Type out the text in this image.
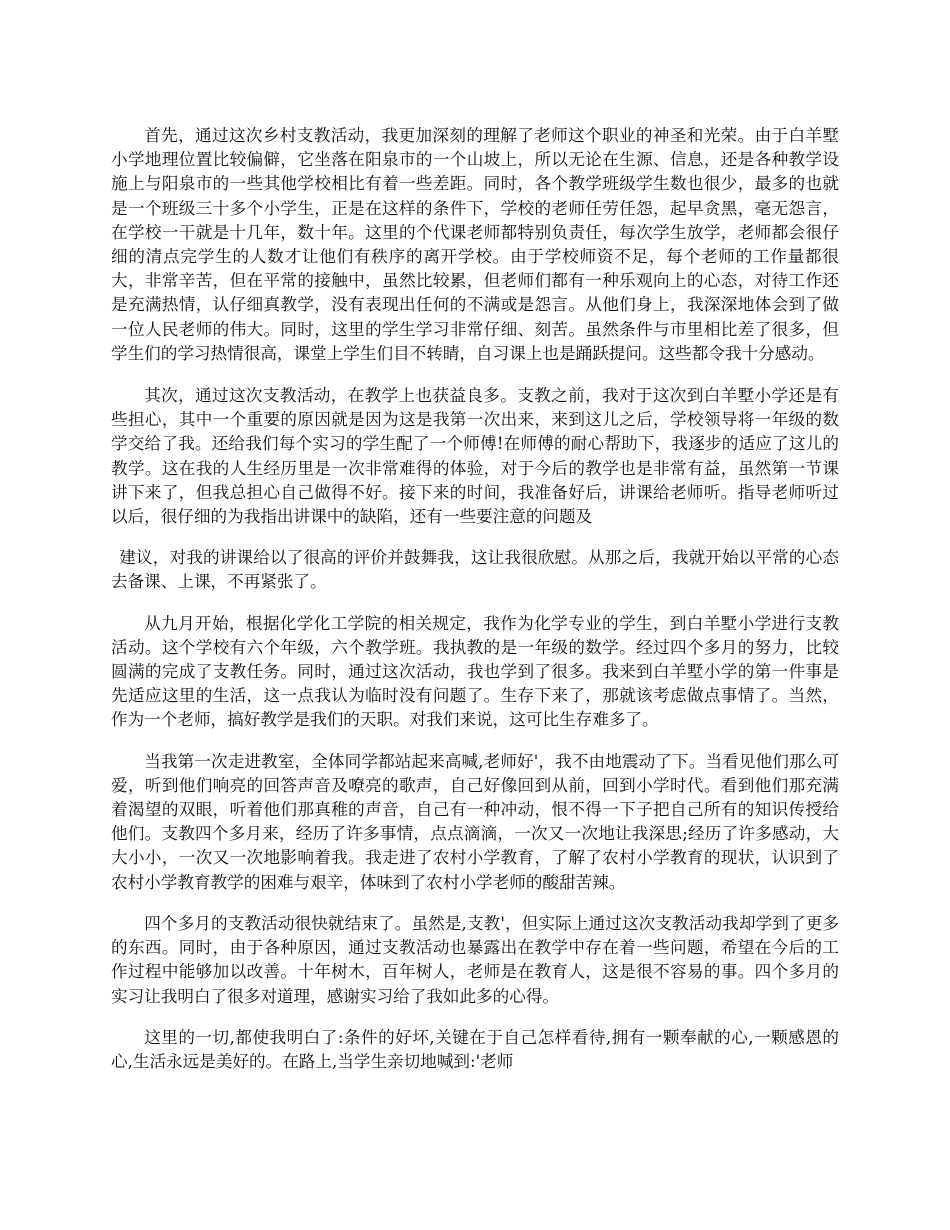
首先，通过这次乡村支教活动，我更加深刻的理解了老师这个职业的神圣和光荣。由于白羊墅小学地理位置比较偏僻，它坐落在阳泉市的一个山坡上，所以无论在生源、信息，还是各种教学设施上与阳泉市的一些其他学校相比有着一些差距。同时，各个教学班级学生数也很少，最多的也就是一个班级三十多个小学生，正是在这样的条件下，学校的老师任劳任怨，起早贪黑，毫无怨言，在学校一干就是十几年，数十年。这里的个代课老师都特别负责任，每次学生放学，老师都会很仔细的清点完学生的人数才让他们有秩序的离开学校。由于学校师资不足，每个老师的工作量都很大，非常辛苦，但在平常的接触中，虽然比较累，但老师们都有一种乐观向上的心态，对待工作还是充满热情，认仔细真教学，没有表现出任何的不满或是怨言。从他们身上，我深深地体会到了做一位人民老师的伟大。同时，这里的学生学习非常仔细、刻苦。虽然条件与市里相比差了很多，但学生们的学习热情很高，课堂上学生们目不转睛，自习课上也是踊跃提问。这些都令我十分感动。

其次，通过这次支教活动，在教学上也获益良多。支教之前，我对于这次到白羊墅小学还是有些担心，其中一个重要的原因就是因为这是我第一次出来，来到这儿之后，学校领导将一年级的数学交给了我。还给我们每个实习的学生配了一个师傅!在师傅的耐心帮助下，我逐步的适应了这儿的教学。这在我的人生经历里是一次非常难得的体验，对于今后的教学也是非常有益，虽然第一节课讲下来了，但我总担心自己做得不好。接下来的时间，我准备好后，讲课给老师听。指导老师听过以后，很仔细的为我指出讲课中的缺陷，还有一些要注意的问题及

建议，对我的讲课给以了很高的评价并鼓舞我，这让我很欣慰。从那之后，我就开始以平常的心态去备课、上课，不再紧张了。

从九月开始，根据化学化工学院的相关规定，我作为化学专业的学生，到白羊墅小学进行支教活动。这个学校有六个年级，六个教学班。我执教的是一年级的数学。经过四个多月的努力，比较圆满的完成了支教任务。同时，通过这次活动，我也学到了很多。我来到白羊墅小学的第一件事是先适应这里的生活，这一点我认为临时没有问题了。生存下来了，那就该考虑做点事情了。当然，作为一个老师，搞好教学是我们的天职。对我们来说，这可比生存难多了。

当我第一次走进教室，全体同学都站起来高喊,老师好'，我不由地震动了下。当看见他们那么可爱，听到他们响亮的回答声音及嘹亮的歌声，自己好像回到从前，回到小学时代。看到他们那充满着渴望的双眼，听着他们那真稚的声音，自己有一种冲动，恨不得一下子把自己所有的知识传授给他们。支教四个多月来，经历了许多事情，点点滴滴，一次又一次地让我深思;经历了许多感动，大大小小，一次又一次地影响着我。我走进了农村小学教育，了解了农村小学教育的现状，认识到了农村小学教育教学的困难与艰辛，体味到了农村小学老师的酸甜苦辣。

四个多月的支教活动很快就结束了。虽然是,支教'，但实际上通过这次支教活动我却学到了更多的东西。同时，由于各种原因，通过支教活动也暴露出在教学中存在着一些问题，希望在今后的工作过程中能够加以改善。十年树木，百年树人，老师是在教育人，这是很不容易的事。四个多月的实习让我明白了很多对道理，感谢实习给了我如此多的心得。

这里的一切,都使我明白了:条件的好坏,关键在于自己怎样看待,拥有一颗奉献的心,一颗感恩的心,生活永远是美好的。在路上,当学生亲切地喊到:'老师
